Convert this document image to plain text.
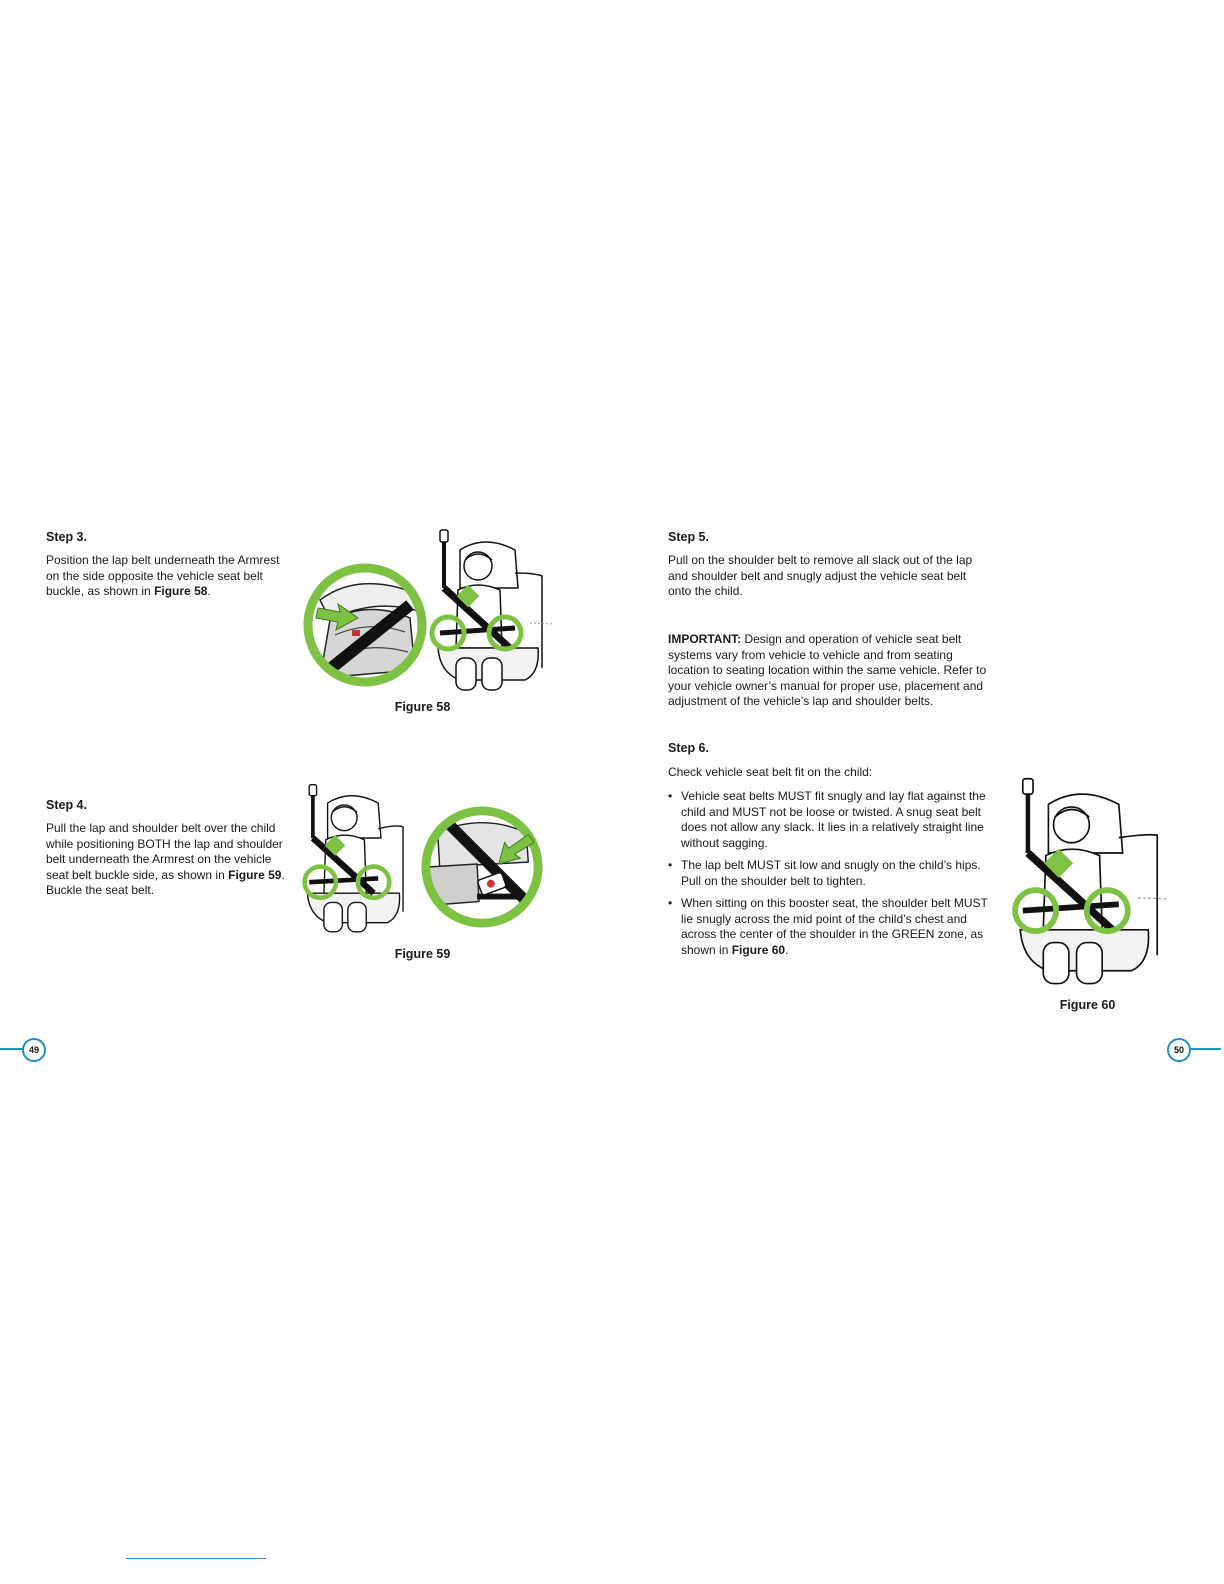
Step 3.
Position the lap belt underneath the Armrest on the side opposite the vehicle seat belt buckle, as shown in Figure 58.
Figure 58
Step 4.
Pull the lap and shoulder belt over the child while positioning BOTH the lap and shoulder belt underneath the Armrest on the vehicle seat belt buckle side, as shown in Figure 59. Buckle the seat belt.
Figure 59
49
Step 5.
Pull on the shoulder belt to remove all slack out of the lap and shoulder belt and snugly adjust the vehicle seat belt onto the child.
IMPORTANT: Design and operation of vehicle seat belt systems vary from vehicle to vehicle and from seating location to seating location within the same vehicle. Refer to your vehicle owner’s manual for proper use, placement and adjustment of the vehicle’s lap and shoulder belts.
Step 6.
Check vehicle seat belt fit on the child:
• Vehicle seat belts MUST fit snugly and lay flat against the child and MUST not be loose or twisted. A snug seat belt does not allow any slack. It lies in a relatively straight line without sagging.
• The lap belt MUST sit low and snugly on the child’s hips. Pull on the shoulder belt to tighten.
• When sitting on this booster seat, the shoulder belt MUST lie snugly across the mid point of the child’s chest and across the center of the shoulder in the GREEN zone, as shown in Figure 60.
Figure 60
50
